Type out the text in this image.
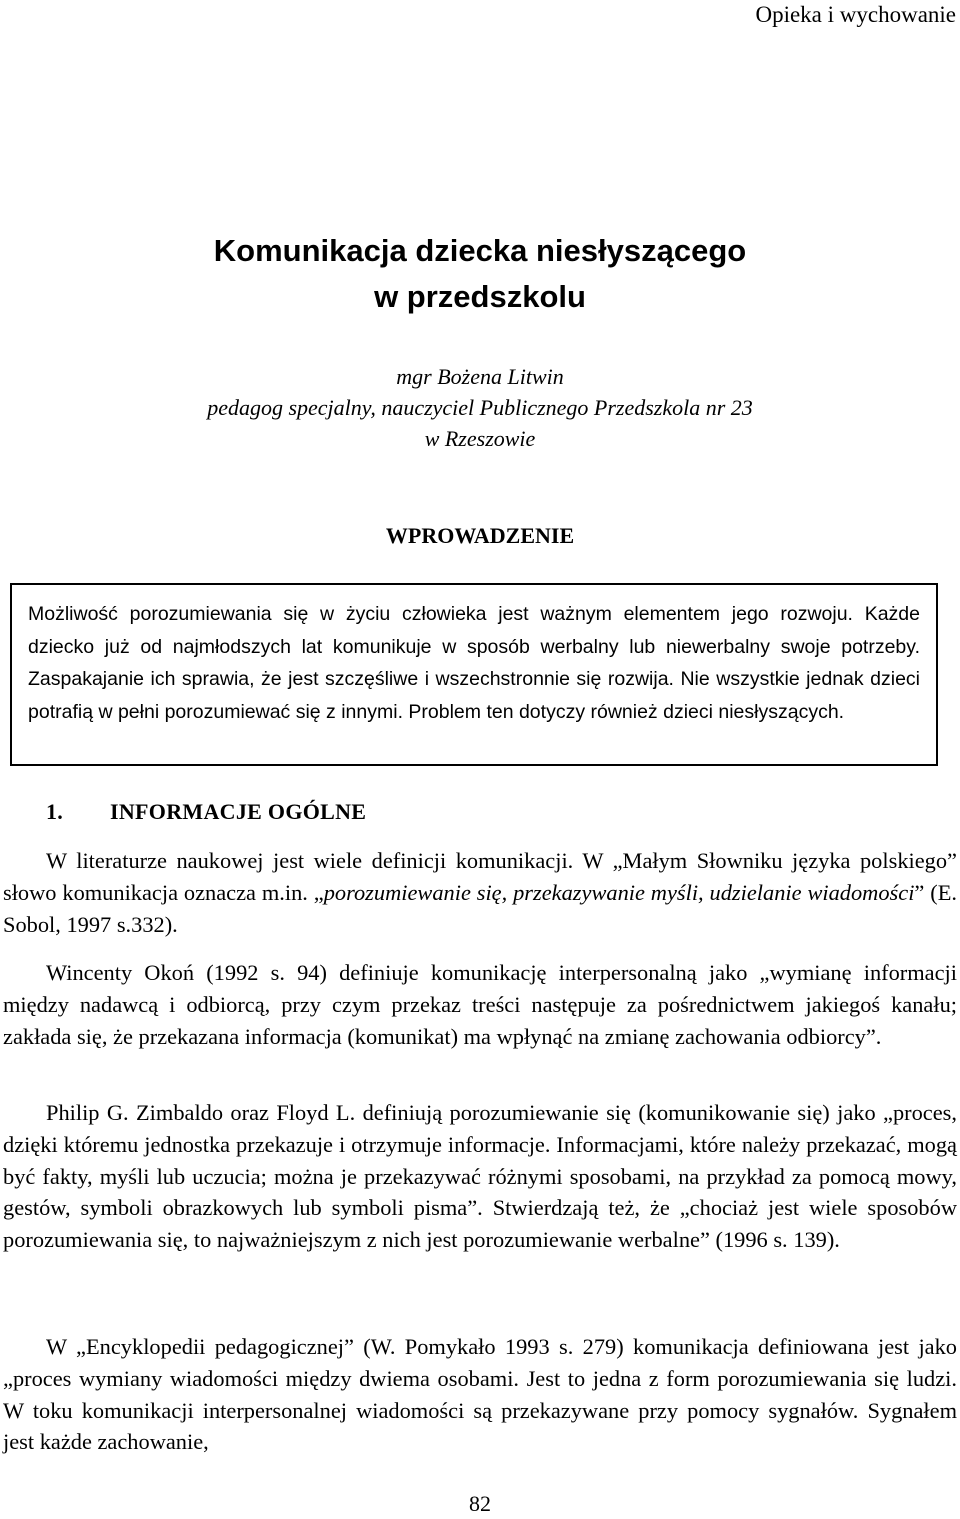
Opieka i wychowanie
Komunikacja dziecka niesłyszącego
w przedszkolu
mgr Bożena Litwin
pedagog specjalny, nauczyciel Publicznego Przedszkola nr 23
w Rzeszowie
WPROWADZENIE
Możliwość porozumiewania się w życiu człowieka jest ważnym elementem jego rozwoju. Każde dziecko już od najmłodszych lat komunikuje w sposób werbalny lub niewerbalny swoje potrzeby. Zaspakajanie ich sprawia, że jest szczęśliwe i wszechstronnie się rozwija. Nie wszystkie jednak dzieci potrafią w pełni porozumiewać się z innymi. Problem ten dotyczy również dzieci niesłyszących.
1. INFORMACJE OGÓLNE

W literaturze naukowej jest wiele definicji komunikacji. W „Małym Słowniku języka polskiego” słowo komunikacja oznacza m.in. „porozumiewanie się, przekazywanie myśli, udzielanie wiadomości” (E. Sobol, 1997 s.332).

Wincenty Okoń (1992 s. 94) definiuje komunikację interpersonalną jako „wymianę informacji między nadawcą i odbiorcą, przy czym przekaz treści następuje za pośrednictwem jakiegoś kanału; zakłada się, że przekazana informacja (komunikat) ma wpłynąć na zmianę zachowania odbiorcy”.

Philip G. Zimbaldo oraz Floyd L. definiują porozumiewanie się (komunikowanie się) jako „proces, dzięki któremu jednostka przekazuje i otrzymuje informacje. Informacjami, które należy przekazać, mogą być fakty, myśli lub uczucia; można je przekazywać różnymi sposobami, na przykład za pomocą mowy, gestów, symboli obrazkowych lub symboli pisma”. Stwierdzają też, że „chociaż jest wiele sposobów porozumiewania się, to najważniejszym z nich jest porozumiewanie werbalne” (1996 s. 139).

W „Encyklopedii pedagogicznej” (W. Pomykało 1993 s. 279) komunikacja definiowana jest jako „proces wymiany wiadomości między dwiema osobami. Jest to jedna z form porozumiewania się ludzi. W toku komunikacji interpersonalnej wiadomości są przekazywane przy pomocy sygnałów. Sygnałem jest każde zachowanie,

82
